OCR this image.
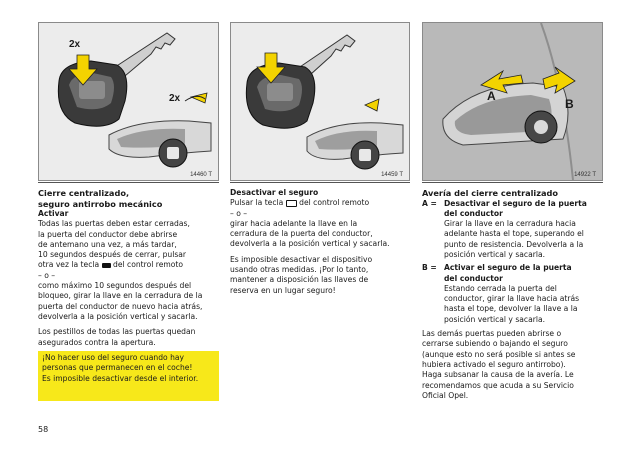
2x
2x
14460 T	14459 T
A
B
14922 T

Cierre centralizado,

seguro antirrobo mecánico

Activar

Todas las puertas deben estar cerradas,

la puerta del conductor debe abrirse

de antemano una vez, a más tardar,

10 segundos después de cerrar, pulsar

otra vez la tecla del control remoto

– o –

como máximo 10 segundos después del

bloqueo, girar la llave en la cerradura de la

puerta del conductor de nuevo hacia atrás,

devolverla a la posición vertical y sacarla.

Los pestillos de todas las puertas quedan

asegurados contra la apertura.

¡No hacer uso del seguro cuando hay

personas que permanecen en el coche!

Es imposible desactivar desde el interior.

Desactivar el seguro

Pulsar la tecla del control remoto

– o –

girar hacia adelante la llave en la

cerradura de la puerta del conductor,

devolverla a la posición vertical y sacarla.

Es imposible desactivar el dispositivo

usando otras medidas. ¡Por lo tanto,

mantener a disposición las llaves de

reserva en un lugar seguro!

Avería del cierre centralizado

A = Desactivar el seguro de la puerta

del conductor

Girar la llave en la cerradura hacia

adelante hasta el tope, superando el

punto de resistencia. Devolverla a la

posición vertical y sacarla.

B = Activar el seguro de la puerta

del conductor

Estando cerrada la puerta del

conductor, girar la llave hacia atrás

hasta el tope, devolver la llave a la

posición vertical y sacarla.

Las demás puertas pueden abrirse o

cerrarse subiendo o bajando el seguro

(aunque esto no será posible si antes se

hubiera activado el seguro antirrobo).

Haga subsanar la causa de la avería. Le

recomendamos que acuda a su Servicio

Oficial Opel.

58
